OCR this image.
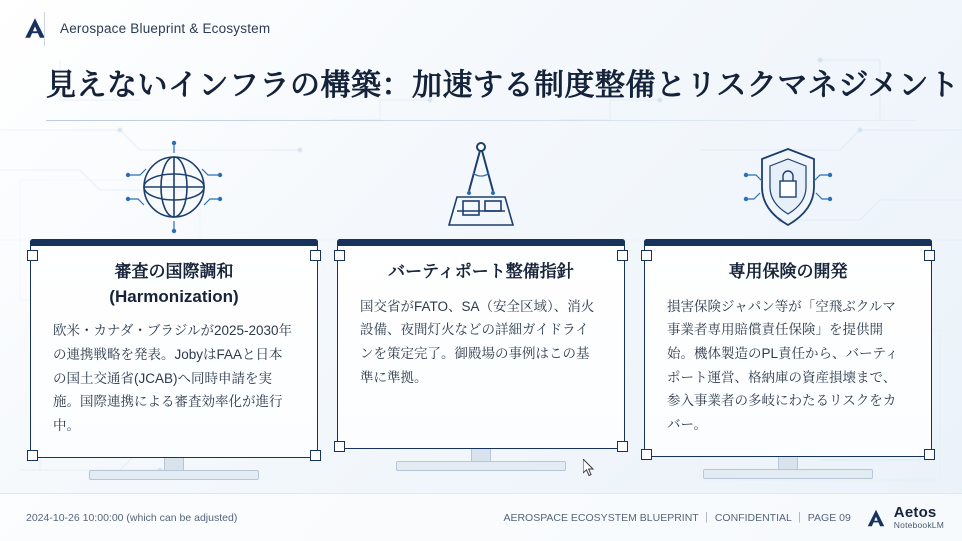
Aerospace Blueprint & Ecosystem
見えないインフラの構築：加速する制度整備とリスクマネジメント
審査の国際調和
(Harmonization)
欧米・カナダ・ブラジルが2025-2030年の連携戦略を発表。JobyはFAAと日本の国土交通省(JCAB)へ同時申請を実施。国際連携による審査効率化が進行中。
バーティポート整備指針
国交省がFATO、SA（安全区域）、消火設備、夜間灯火などの詳細ガイドラインを策定完了。御殿場の事例はこの基準に準拠。
専用保険の開発
損害保険ジャパン等が「空飛ぶクルマ事業者専用賠償責任保険」を提供開始。機体製造のPL責任から、バーティポート運営、格納庫の資産損壊まで、参入事業者の多岐にわたるリスクをカバー。
2024-10-26 10:00:00 (which can be adjusted)	AEROSPACE ECOSYSTEM BLUEPRINT ｜ CONFIDENTIAL ｜ PAGE 09	Aetos
NotebookLM
